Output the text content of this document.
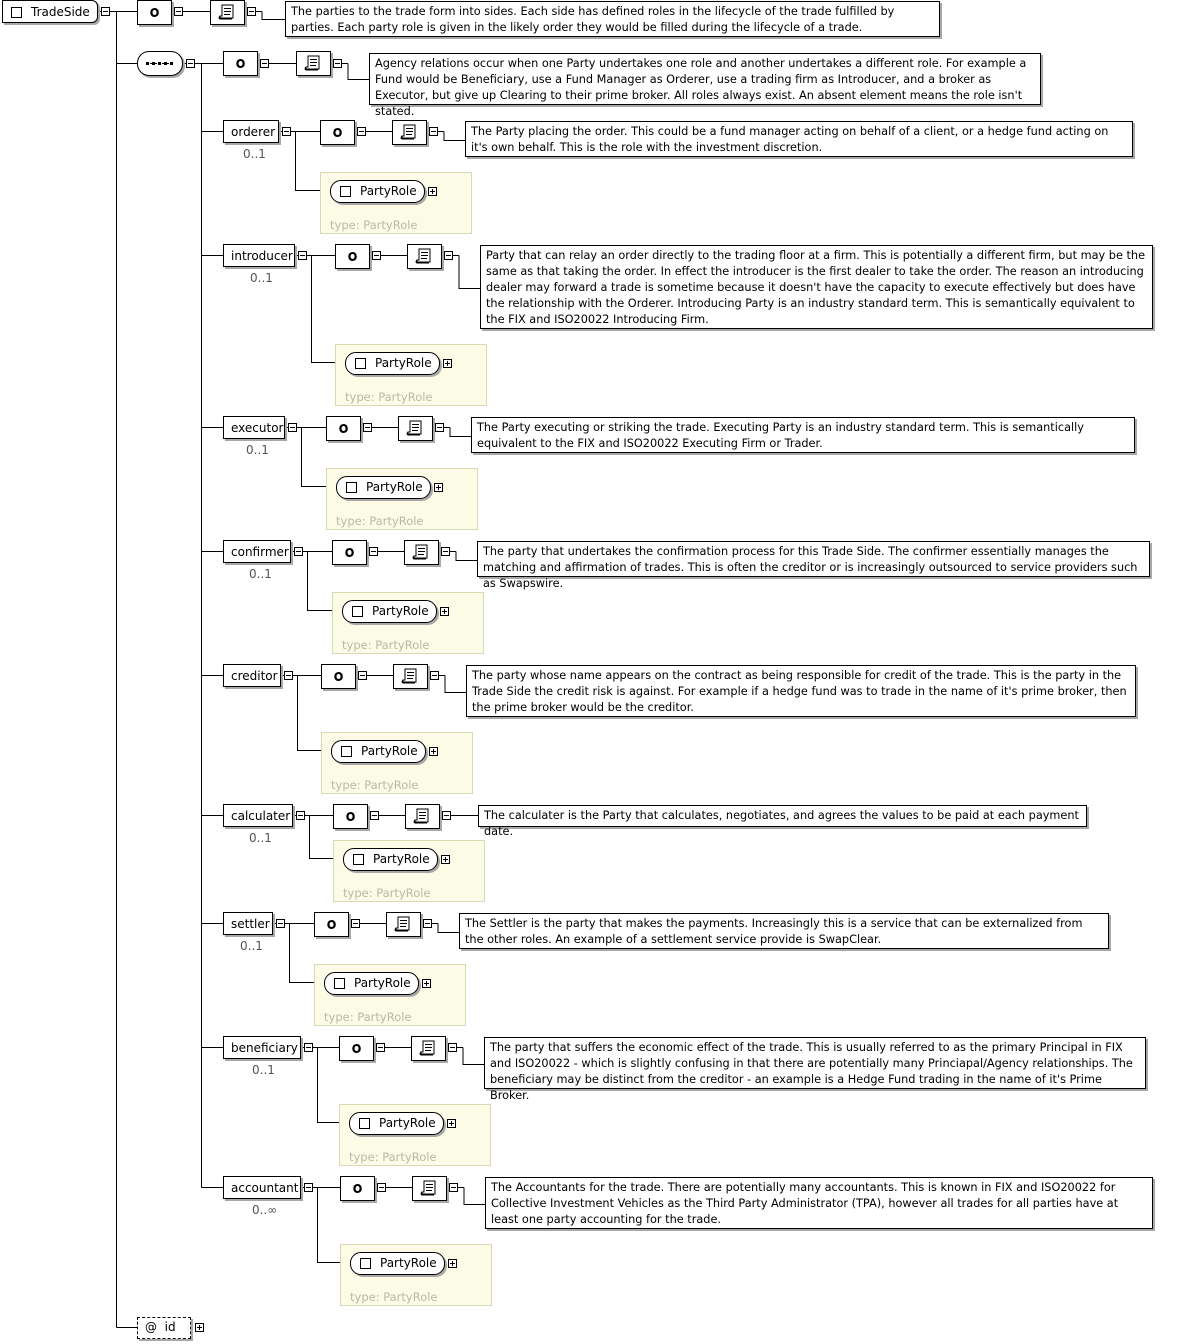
TradeSide	𝛐	The parties to the trade form into sides. Each side has defined roles in the lifecycle of the trade fulfilled by parties. Each party role is given in the likely order they would be filled during the lifecycle of a trade.
𝛐	Agency relations occur when one Party undertakes one role and another undertakes a different role. For example a Fund would be Beneficiary, use a Fund Manager as Orderer, use a trading firm as Introducer, and a broker as Executor, but give up Clearing to their prime broker. All roles always exist. An absent element means the role isn't stated.
orderer
0..1
𝛐	The Party placing the order. This could be a fund manager acting on behalf of a client, or a hedge fund acting on it's own behalf. This is the role with the investment discretion.
PartyRole
type: PartyRole
introducer
0..1
𝛐	Party that can relay an order directly to the trading floor at a firm. This is potentially a different firm, but may be the same as that taking the order. In effect the introducer is the first dealer to take the order. The reason an introducing dealer may forward a trade is sometime because it doesn't have the capacity to execute effectively but does have the relationship with the Orderer. Introducing Party is an industry standard term. This is semantically equivalent to the FIX and ISO20022 Introducing Firm.
PartyRole
type: PartyRole
executor
0..1
𝛐	The Party executing or striking the trade. Executing Party is an industry standard term. This is semantically equivalent to the FIX and ISO20022 Executing Firm or Trader.
PartyRole
type: PartyRole
confirmer
0..1
𝛐	The party that undertakes the confirmation process for this Trade Side. The confirmer essentially manages the matching and affirmation of trades. This is often the creditor or is increasingly outsourced to service providers such as Swapswire.
PartyRole
type: PartyRole
creditor	𝛐	The party whose name appears on the contract as being responsible for credit of the trade. This is the party in the Trade Side the credit risk is against. For example if a hedge fund was to trade in the name of it's prime broker, then the prime broker would be the creditor.
PartyRole
type: PartyRole
calculater
0..1
𝛐	The calculater is the Party that calculates, negotiates, and agrees the values to be paid at each payment date.
PartyRole
type: PartyRole
settler
0..1
𝛐	The Settler is the party that makes the payments. Increasingly this is a service that can be externalized from the other roles. An example of a settlement service provide is SwapClear.
PartyRole
type: PartyRole
beneficiary
0..1
𝛐	The party that suffers the economic effect of the trade. This is usually referred to as the primary Principal in FIX and ISO20022 - which is slightly confusing in that there are potentially many Princiapal/Agency relationships. The beneficiary may be distinct from the creditor - an example is a Hedge Fund trading in the name of it's Prime Broker.
PartyRole
type: PartyRole
accountant
0..∞
𝛐	The Accountants for the trade. There are potentially many accountants. This is known in FIX and ISO20022 for Collective Investment Vehicles as the Third Party Administrator (TPA), however all trades for all parties have at least one party accounting for the trade.
PartyRole
type: PartyRole
@ id
